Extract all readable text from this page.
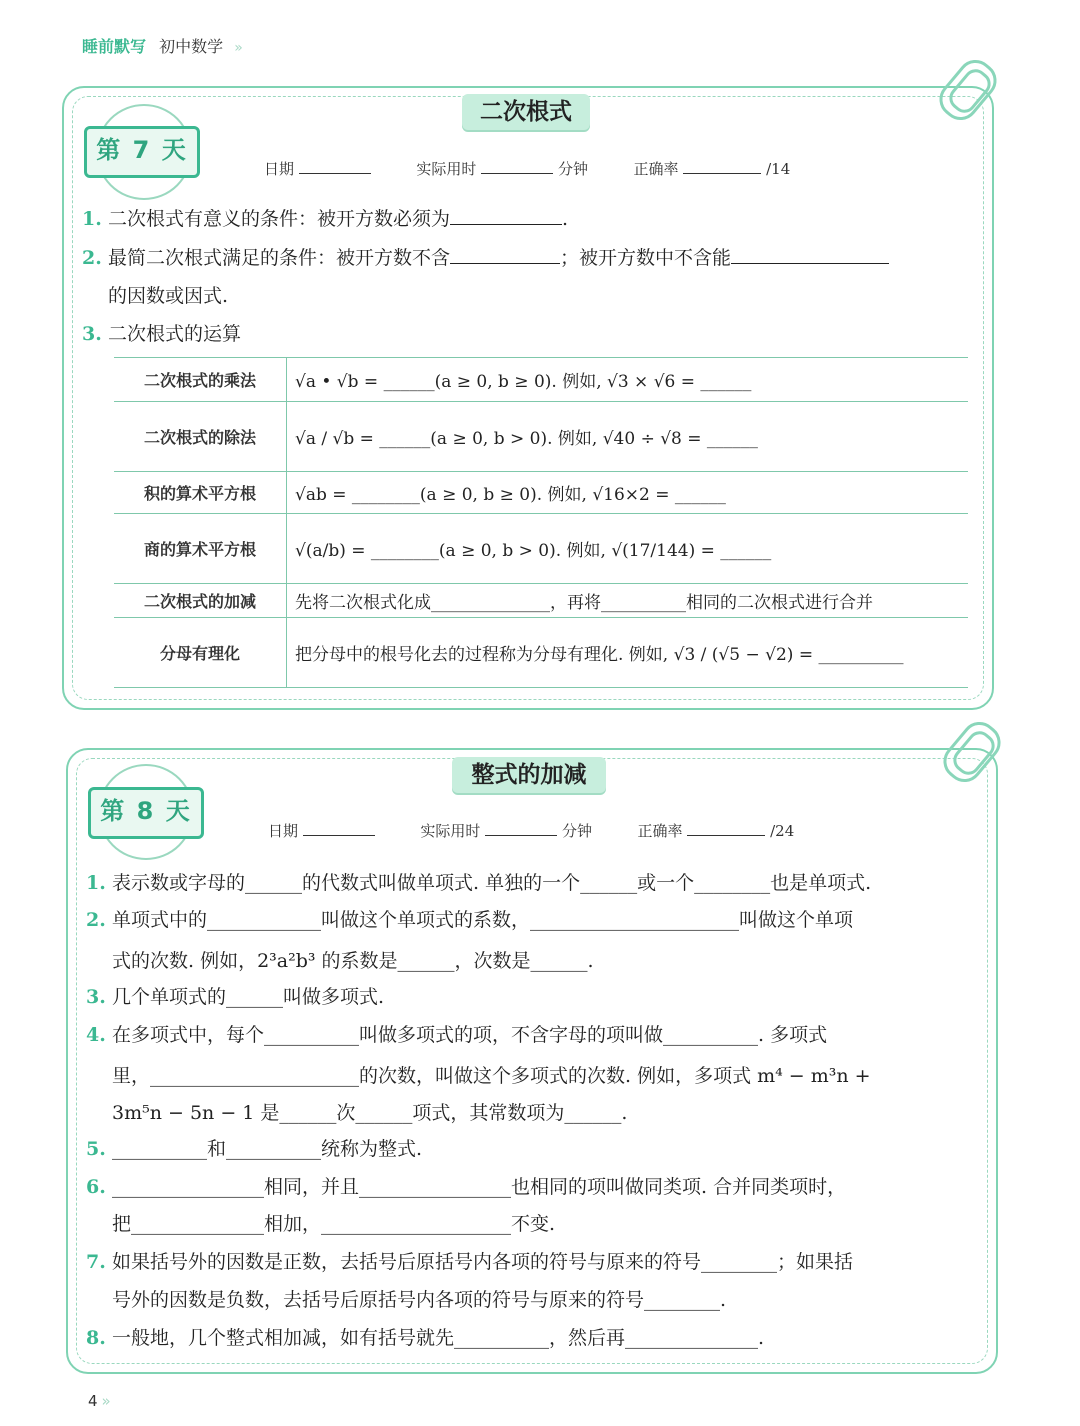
睡前默写 初中数学 »
二次根式
第 7 天
日期	实际用时	分钟	正确率	/14
1. 二次根式有意义的条件：被开方数必须为	.
2. 最简二次根式满足的条件：被开方数不含	；被开方数中不含能
的因数或因式.
3. 二次根式的运算
二次根式的乘法	√a • √b = ______(a ≥ 0, b ≥ 0). 例如, √3 × √6 = ______
二次根式的除法	√a / √b = ______(a ≥ 0, b > 0). 例如, √40 ÷ √8 = ______
积的算术平方根	√ab = ________(a ≥ 0, b ≥ 0). 例如, √16×2 = ______
商的算术平方根	√(a/b) = ________(a ≥ 0, b > 0). 例如, √(17/144) = ______
二次根式的加减	先将二次根式化成______________，再将__________相同的二次根式进行合并
分母有理化	把分母中的根号化去的过程称为分母有理化. 例如, √3 / (√5 − √2) = __________
整式的加减
第 8 天
日期	实际用时	分钟	正确率	/24
1. 表示数或字母的______的代数式叫做单项式. 单独的一个______或一个________也是单项式.
2. 单项式中的____________叫做这个单项式的系数，______________________叫做这个单项
式的次数. 例如，2³a²b³ 的系数是______，次数是______.
3. 几个单项式的______叫做多项式.
4. 在多项式中，每个__________叫做多项式的项，不含字母的项叫做__________. 多项式
里，______________________的次数，叫做这个多项式的次数. 例如，多项式 m⁴ − m³n +
3m⁵n − 5n − 1 是______次______项式，其常数项为______.
5. __________和__________统称为整式.
6. ________________相同，并且________________也相同的项叫做同类项. 合并同类项时，
把______________相加，____________________不变.
7. 如果括号外的因数是正数，去括号后原括号内各项的符号与原来的符号________；如果括
号外的因数是负数，去括号后原括号内各项的符号与原来的符号________.
8. 一般地，几个整式相加减，如有括号就先__________，然后再______________.
4 »
